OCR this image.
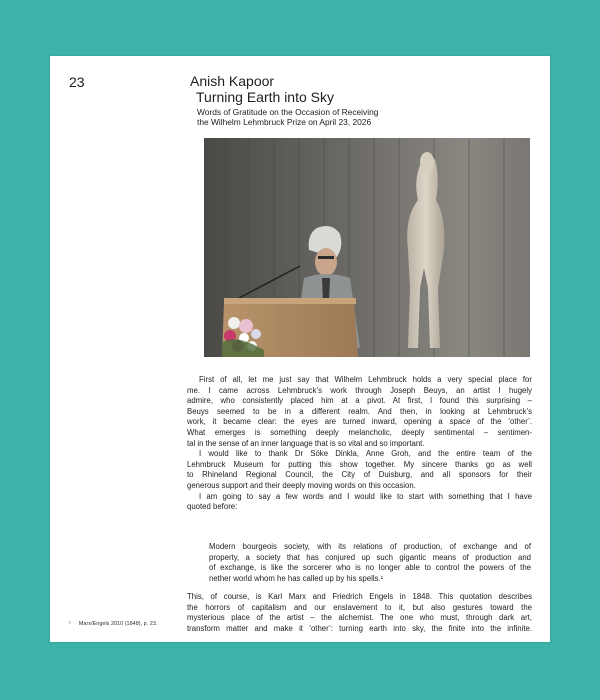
23	Anish Kapoor
Turning Earth into Sky
Words of Gratitude on the Occasion of Receiving
the Wilhelm Lehmbruck Prize on April 23, 2026

First of all, let me just say that Wilhelm Lehmbruck holds a very special place for
me. I came across Lehmbruck’s work through Joseph Beuys, an artist I hugely
admire, who consistently placed him at a pivot. At first, I found this surprising –
Beuys seemed to be in a different realm. And then, in looking at Lehmbruck’s
work, it became clear: the eyes are turned inward, opening a space of the ‘other’.
What emerges is something deeply melancholic, deeply sentimental – sentimen-
tal in the sense of an inner language that is so vital and so important.

I would like to thank Dr Söke Dinkla, Anne Groh, and the entire team of the
Lehmbruck Museum for putting this show together. My sincere thanks go as well
to Rhineland Regional Council, the City of Duisburg, and all sponsors for their
generous support and their deeply moving words on this occasion.

I am going to say a few words and I would like to start with something that I have
quoted before:

Modern bourgeois society, with its relations of production, of exchange and of
property, a society that has conjured up such gigantic means of production and
of exchange, is like the sorcerer who is no longer able to control the powers of the
nether world whom he has called up by his spells.¹
This, of course, is Karl Marx and Friedrich Engels in 1848. This quotation describes
the horrors of capitalism and our enslavement to it, but also gestures toward the
mysterious place of the artist – the alchemist. The one who must, through dark art,
transform matter and make it ‘other’: turning earth into sky, the finite into the infinite.
¹ Marx/Engels 2010 (1848), p. 23.
